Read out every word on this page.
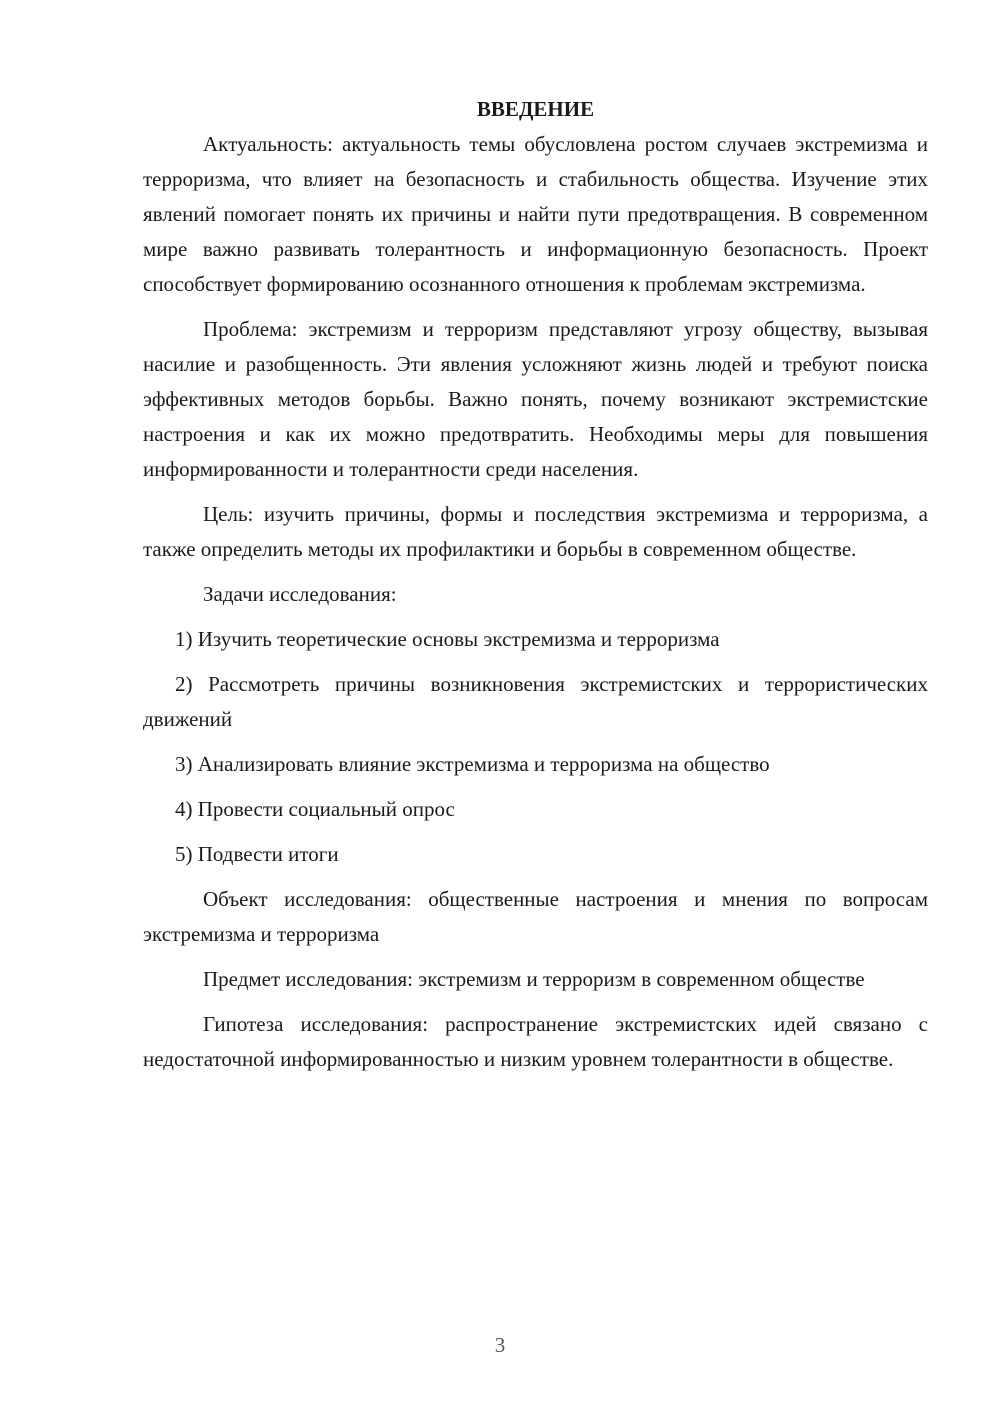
ВВЕДЕНИЕ

Актуальность: актуальность темы обусловлена ростом случаев экстремизма и терроризма, что влияет на безопасность и стабильность общества. Изучение этих явлений помогает понять их причины и найти пути предотвращения. В современном мире важно развивать толерантность и информационную безопасность. Проект способствует формированию осознанного отношения к проблемам экстремизма.

Проблема: экстремизм и терроризм представляют угрозу обществу, вызывая насилие и разобщенность. Эти явления усложняют жизнь людей и требуют поиска эффективных методов борьбы. Важно понять, почему возникают экстремистские настроения и как их можно предотвратить. Необходимы меры для повышения информированности и толерантности среди населения.

Цель: изучить причины, формы и последствия экстремизма и терроризма, а также определить методы их профилактики и борьбы в современном обществе.

Задачи исследования:

1) Изучить теоретические основы экстремизма и терроризма

2) Рассмотреть причины возникновения экстремистских и террористических движений

3) Анализировать влияние экстремизма и терроризма на общество

4) Провести социальный опрос

5) Подвести итоги

Объект исследования: общественные настроения и мнения по вопросам экстремизма и терроризма

Предмет исследования: экстремизм и терроризм в современном обществе

Гипотеза исследования: распространение экстремистских идей связано с недостаточной информированностью и низким уровнем толерантности в обществе.

3
